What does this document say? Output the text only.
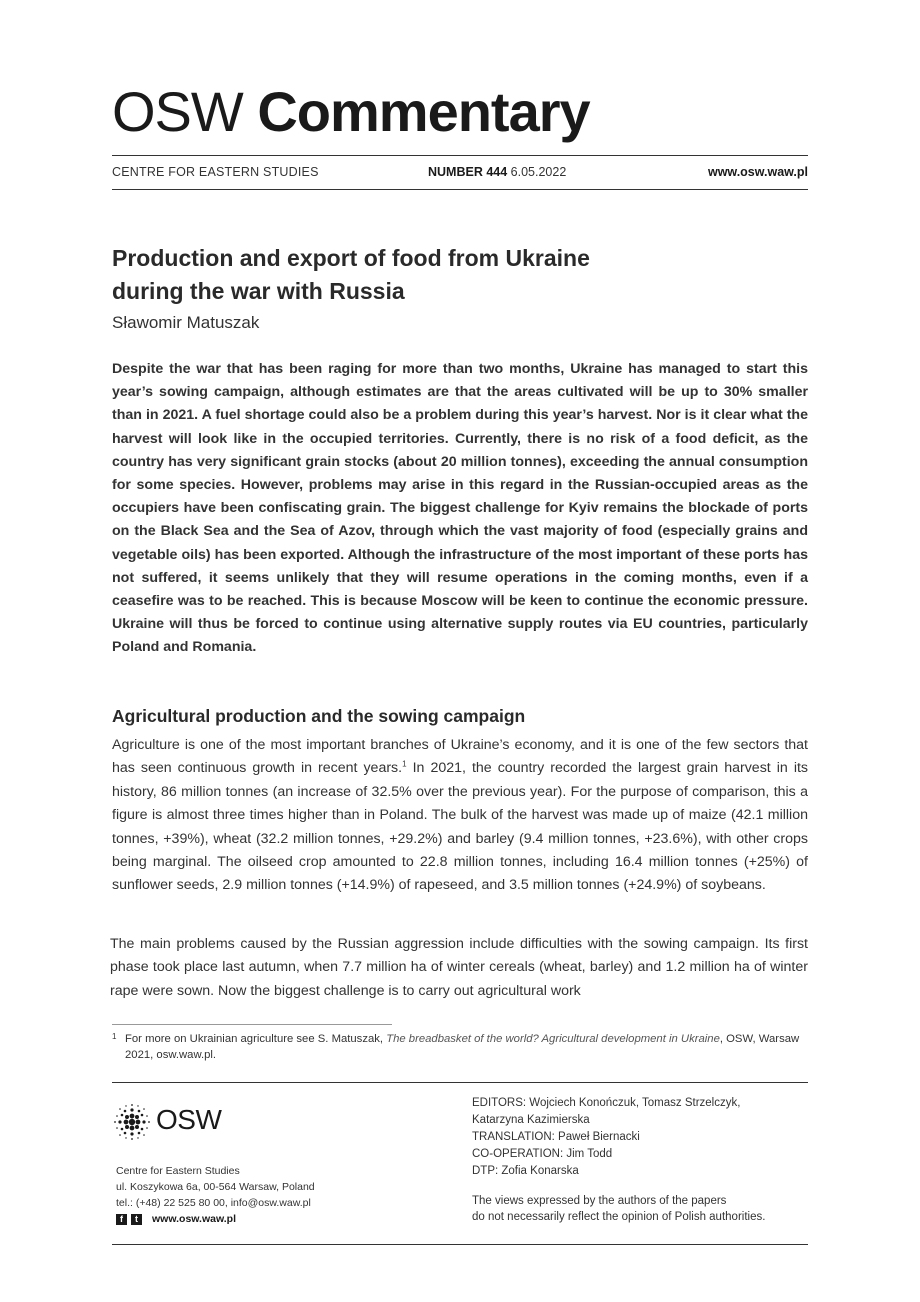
OSW Commentary
CENTRE FOR EASTERN STUDIES	NUMBER 444 6.05.2022	www.osw.waw.pl
Production and export of food from Ukraine
during the war with Russia
Sławomir Matuszak
Despite the war that has been raging for more than two months, Ukraine has managed to start this year’s sowing campaign, although estimates are that the areas cultivated will be up to 30% smaller than in 2021. A fuel shortage could also be a problem during this year’s harvest. Nor is it clear what the harvest will look like in the occupied territories. Currently, there is no risk of a food deficit, as the country has very significant grain stocks (about 20 million tonnes), exceeding the annual consumption for some species. However, problems may arise in this regard in the Russian-occupied areas as the occupiers have been confiscating grain. The biggest challenge for Kyiv remains the blockade of ports on the Black Sea and the Sea of Azov, through which the vast majority of food (especially grains and vegetable oils) has been exported. Although the infrastructure of the most important of these ports has not suffered, it seems unlikely that they will resume operations in the coming months, even if a ceasefire was to be reached. This is because Moscow will be keen to continue the economic pressure. Ukraine will thus be forced to continue using alternative supply routes via EU countries, particularly Poland and Romania.
Agricultural production and the sowing campaign
Agriculture is one of the most important branches of Ukraine’s economy, and it is one of the few sectors that has seen continuous growth in recent years.$^1$ In 2021, the country recorded the largest grain harvest in its history, 86 million tonnes (an increase of 32.5% over the previous year). For the purpose of comparison, this a figure is almost three times higher than in Poland. The bulk of the harvest was made up of maize (42.1 million tonnes, +39%), wheat (32.2 million tonnes, +29.2%) and barley (9.4 million tonnes, +23.6%), with other crops being marginal. The oilseed crop amounted to 22.8 million tonnes, including 16.4 million tonnes (+25%) of sunflower seeds, 2.9 million tonnes (+14.9%) of rapeseed, and 3.5 million tonnes (+24.9%) of soybeans.
The main problems caused by the Russian aggression include difficulties with the sowing campaign. Its first phase took place last autumn, when 7.7 million ha of winter cereals (wheat, barley) and 1.2 million ha of winter rape were sown. Now the biggest challenge is to carry out agricultural work
1 For more on Ukrainian agriculture see S. Matuszak, The breadbasket of the world? Agricultural development in Ukraine, OSW, Warsaw 2021, osw.waw.pl.
OSW
Centre for Eastern Studies
ul. Koszykowa 6a, 00-564 Warsaw, Poland
tel.: (+48) 22 525 80 00, info@osw.waw.pl
f	t	www.osw.waw.pl
EDITORS: Wojciech Konończuk, Tomasz Strzelczyk,
Katarzyna Kazimierska
TRANSLATION: Paweł Biernacki
CO-OPERATION: Jim Todd
DTP: Zofia Konarska
The views expressed by the authors of the papers
do not necessarily reflect the opinion of Polish authorities.
